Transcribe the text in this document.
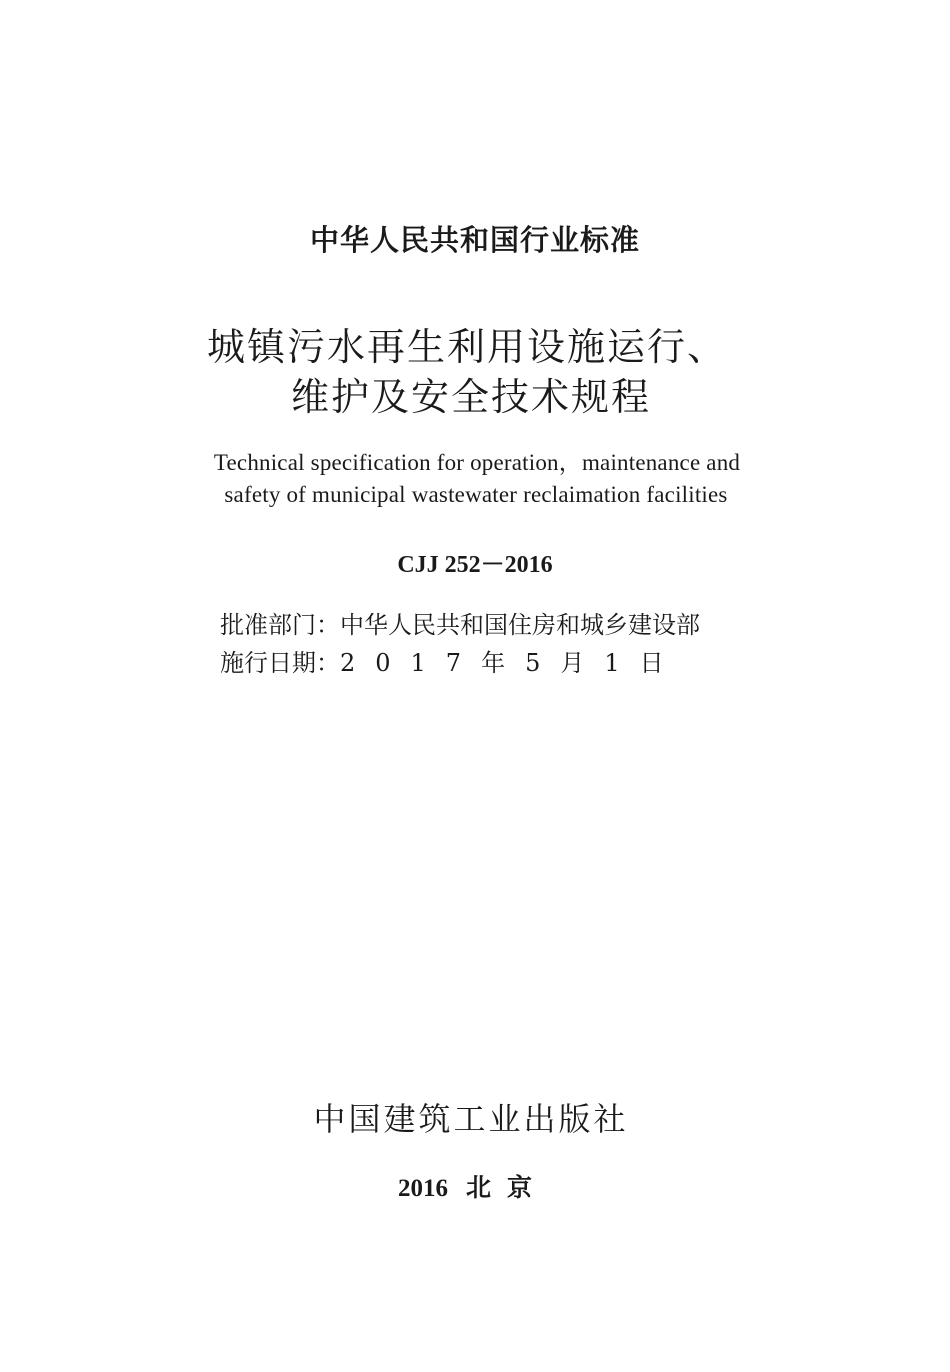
中华人民共和国行业标准
城镇污水再生利用设施运行、
维护及安全技术规程
Technical specification for operation，maintenance and
safety of municipal wastewater reclaimation facilities
CJJ 252－2016
批准部门：中华人民共和国住房和城乡建设部
施行日期：2017年5月1日
中国建筑工业出版社
2016 北京
